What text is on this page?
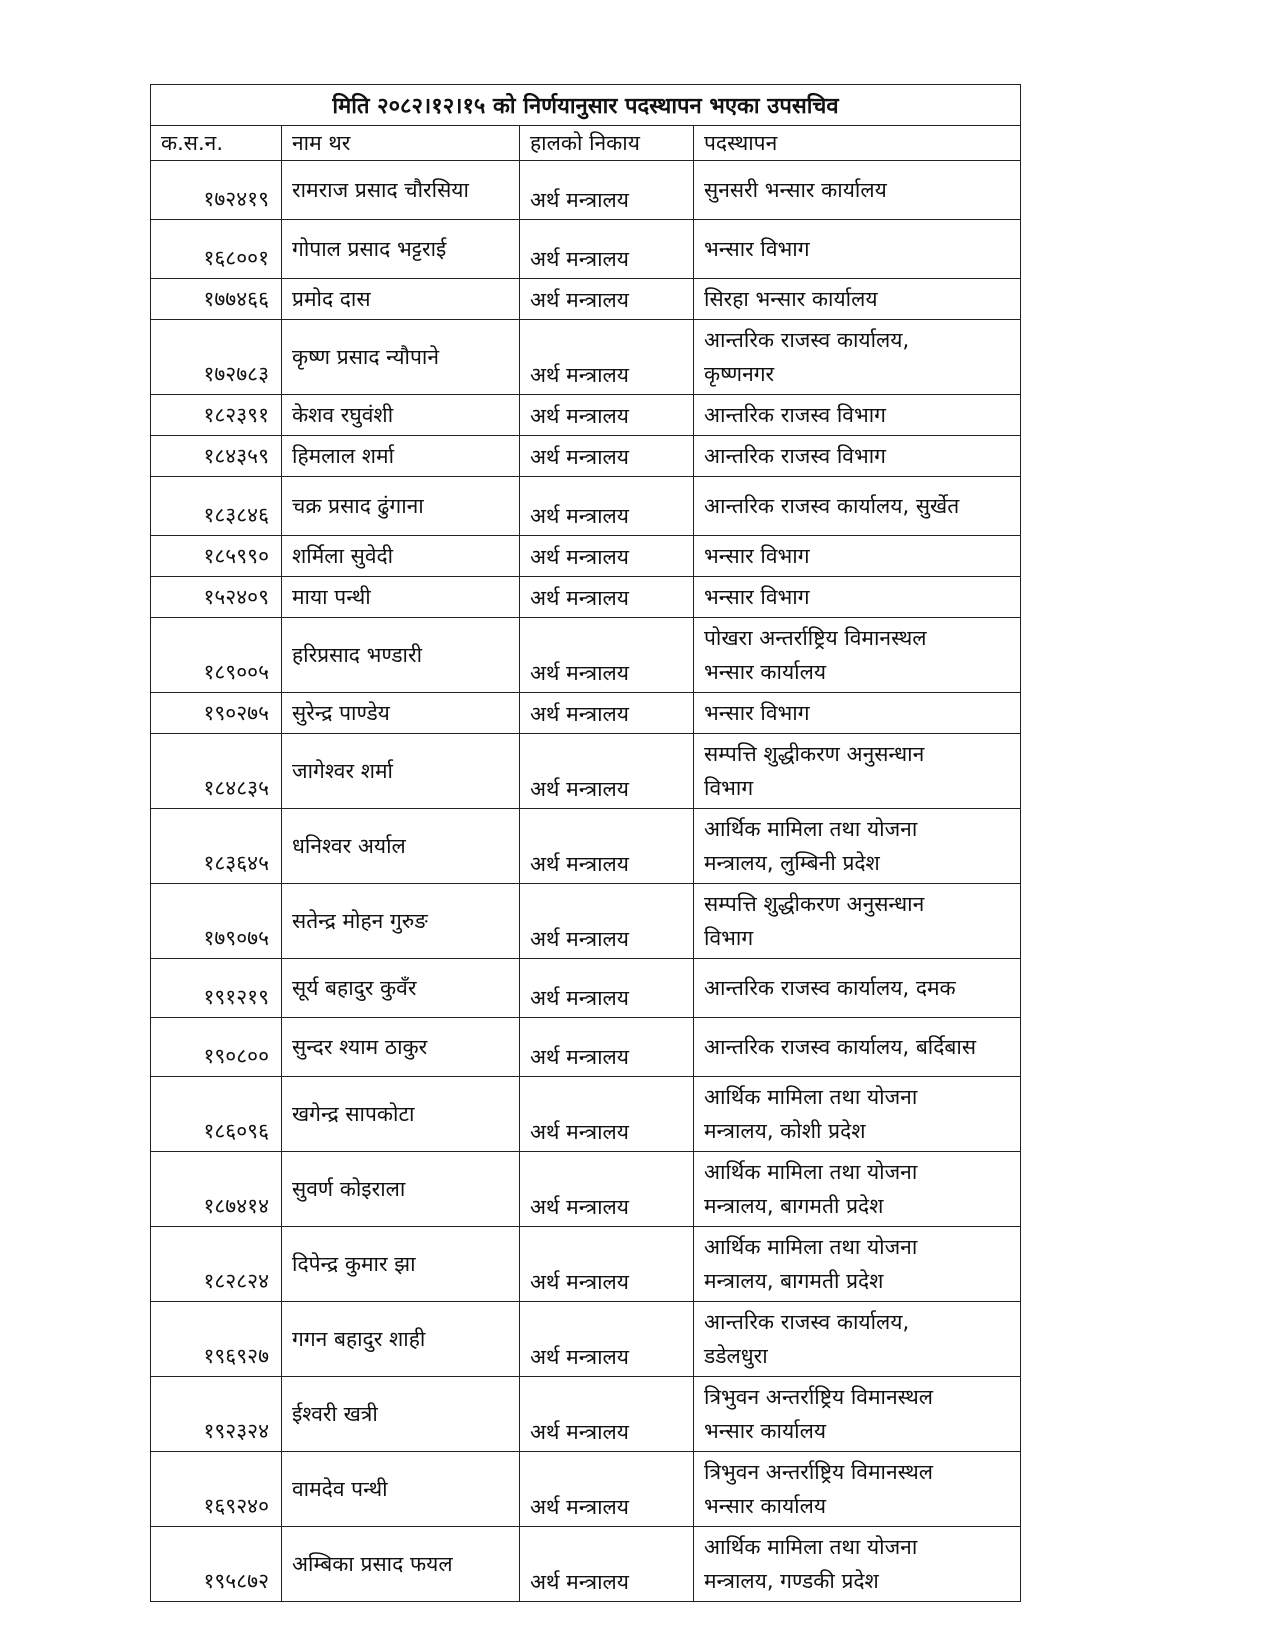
मिति २०८२।१२।१५ को निर्णयानुसार पदस्थापन भएका उपसचिव			
क.स.न.	नाम थर	हालको निकाय	पदस्थापन
१७२४१९	रामराज प्रसाद चौरसिया	अर्थ मन्त्रालय	सुनसरी भन्सार कार्यालय

१६८००१	गोपाल प्रसाद भट्टराई	अर्थ मन्त्रालय	भन्सार विभाग

१७७४६६	प्रमोद दास	अर्थ मन्त्रालय	सिरहा भन्सार कार्यालय

१७२७८३	कृष्ण प्रसाद न्यौपाने	अर्थ मन्त्रालय	आन्तरिक राजस्व कार्यालय,
कृष्णनगर

१८२३९१	केशव रघुवंशी	अर्थ मन्त्रालय	आन्तरिक राजस्व विभाग

१८४३५९	हिमलाल शर्मा	अर्थ मन्त्रालय	आन्तरिक राजस्व विभाग

१८३८४६	चक्र प्रसाद ढुंगाना	अर्थ मन्त्रालय	आन्तरिक राजस्व कार्यालय, सुर्खेत

१८५९९०	शर्मिला सुवेदी	अर्थ मन्त्रालय	भन्सार विभाग

१५२४०९	माया पन्थी	अर्थ मन्त्रालय	भन्सार विभाग

१८९००५	हरिप्रसाद भण्डारी	अर्थ मन्त्रालय	पोखरा अन्तर्राष्ट्रिय विमानस्थल
भन्सार कार्यालय

१९०२७५	सुरेन्द्र पाण्डेय	अर्थ मन्त्रालय	भन्सार विभाग

१८४८३५	जागेश्वर शर्मा	अर्थ मन्त्रालय	सम्पत्ति शुद्धीकरण अनुसन्धान
विभाग

१८३६४५	धनिश्वर अर्याल	अर्थ मन्त्रालय	आर्थिक मामिला तथा योजना
मन्त्रालय, लुम्बिनी प्रदेश

१७९०७५	सतेन्द्र मोहन गुरुङ	अर्थ मन्त्रालय	सम्पत्ति शुद्धीकरण अनुसन्धान
विभाग

१९१२१९	सूर्य बहादुर कुवँर	अर्थ मन्त्रालय	आन्तरिक राजस्व कार्यालय, दमक

१९०८००	सुन्दर श्याम ठाकुर	अर्थ मन्त्रालय	आन्तरिक राजस्व कार्यालय, बर्दिबास

१८६०९६	खगेन्द्र सापकोटा	अर्थ मन्त्रालय	आर्थिक मामिला तथा योजना
मन्त्रालय, कोशी प्रदेश

१८७४१४	सुवर्ण कोइराला	अर्थ मन्त्रालय	आर्थिक मामिला तथा योजना
मन्त्रालय, बागमती प्रदेश

१८२८२४	दिपेन्द्र कुमार झा	अर्थ मन्त्रालय	आर्थिक मामिला तथा योजना
मन्त्रालय, बागमती प्रदेश

१९६९२७	गगन बहादुर शाही	अर्थ मन्त्रालय	आन्तरिक राजस्व कार्यालय,
डडेलधुरा

१९२३२४	ईश्वरी खत्री	अर्थ मन्त्रालय	त्रिभुवन अन्तर्राष्ट्रिय विमानस्थल
भन्सार कार्यालय

१६९२४०	वामदेव पन्थी	अर्थ मन्त्रालय	त्रिभुवन अन्तर्राष्ट्रिय विमानस्थल
भन्सार कार्यालय

१९५८७२	अम्बिका प्रसाद फयल	अर्थ मन्त्रालय	आर्थिक मामिला तथा योजना
मन्त्रालय, गण्डकी प्रदेश
